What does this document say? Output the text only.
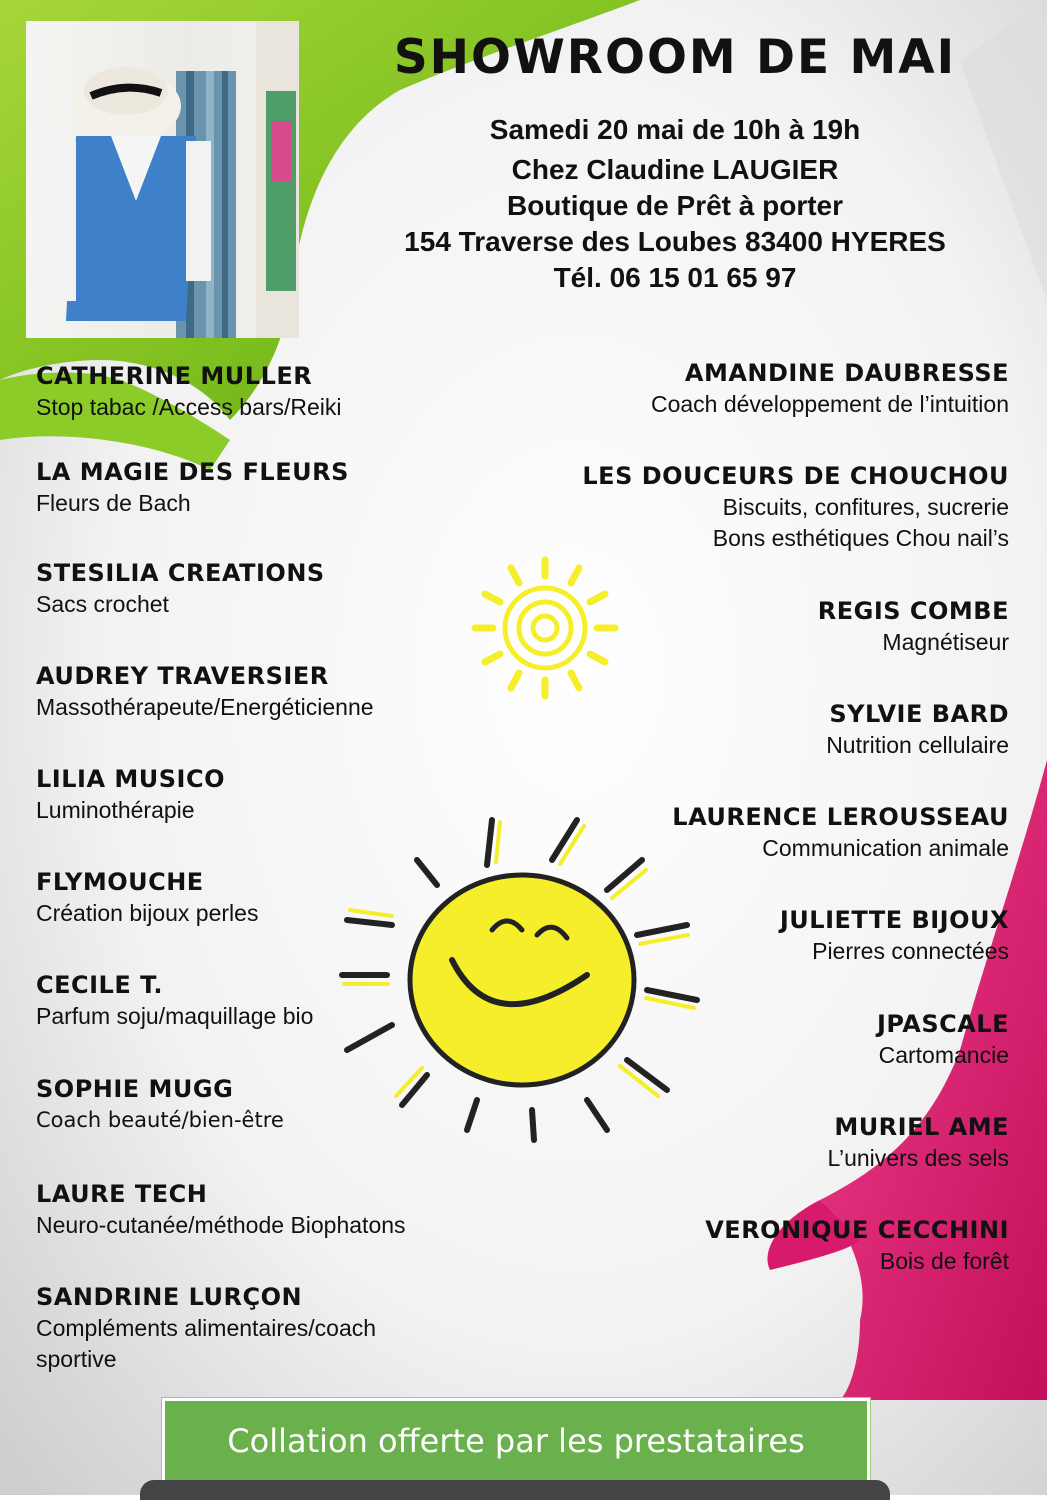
SHOWROOM DE MAI
Samedi 20 mai de 10h à 19h
Chez Claudine LAUGIER
Boutique de Prêt à porter
154 Traverse des Loubes 83400 HYERES
Tél. 06 15 01 65 97
CATHERINE MULLER
Stop tabac /Access bars/Reiki
LA MAGIE DES FLEURS
Fleurs de Bach
STESILIA CREATIONS
Sacs crochet
AUDREY TRAVERSIER
Massothérapeute/Energéticienne
LILIA MUSICO
Luminothérapie
FLYMOUCHE
Création bijoux perles
CECILE T.
Parfum soju/maquillage bio
SOPHIE MUGG
Coach beauté/bien-être
LAURE TECH
Neuro-cutanée/méthode Biophatons
SANDRINE LURÇON
Compléments alimentaires/coach
sportive
AMANDINE DAUBRESSE
Coach développement de l’intuition
LES DOUCEURS DE CHOUCHOU
Biscuits, confitures, sucrerie
Bons esthétiques Chou nail’s
REGIS COMBE
Magnétiseur
SYLVIE BARD
Nutrition cellulaire
LAURENCE LEROUSSEAU
Communication animale
JULIETTE BIJOUX
Pierres connectées
JPASCALE
Cartomancie
MURIEL AME
L’univers des sels
VERONIQUE CECCHINI
Bois de forêt
Collation offerte par les prestataires
